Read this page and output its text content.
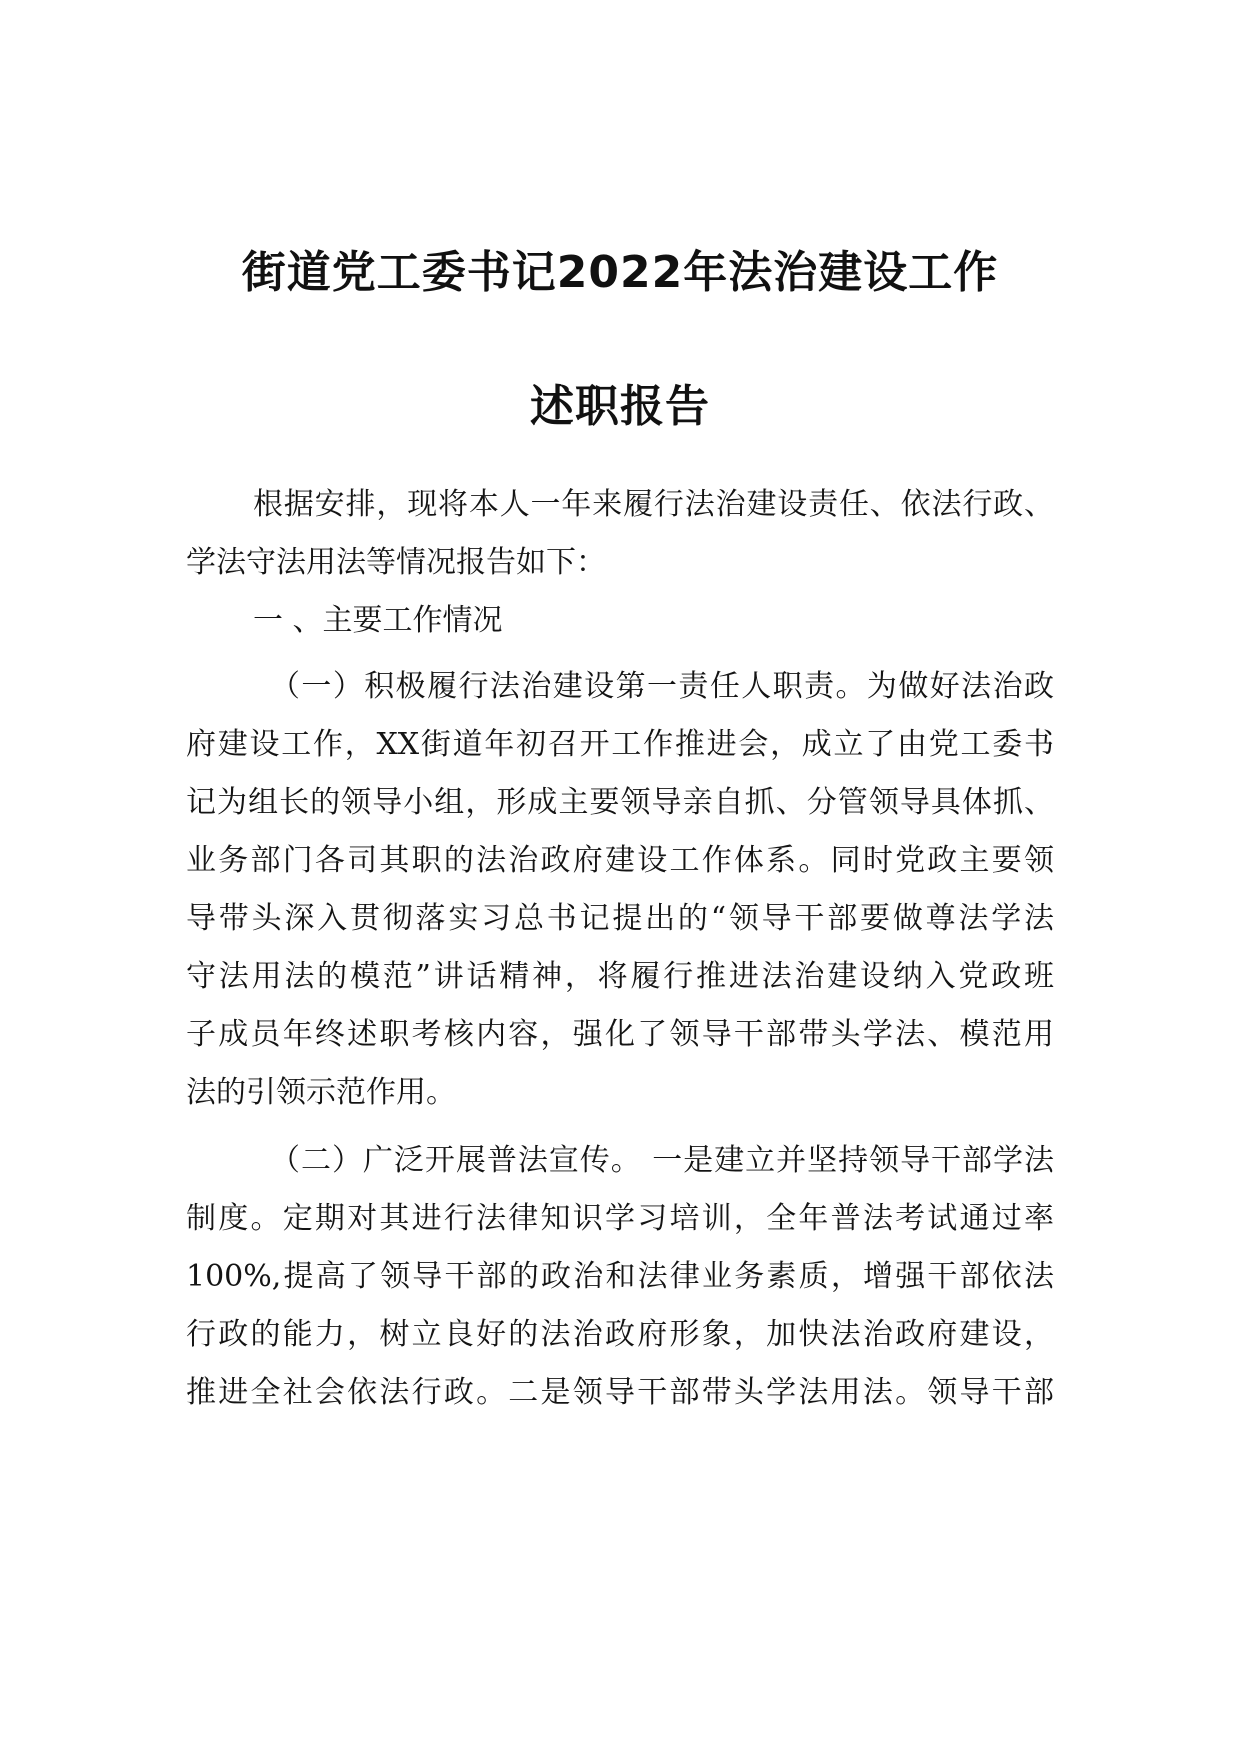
街道党工委书记2022年法治建设工作
述职报告
根据安排，现将本人一年来履行法治建设责任、依法行政、
学法守法用法等情况报告如下：
一 、主要工作情况
（一）积极履行法治建设第一责任人职责。为做好法治政
府建设工作，XX街道年初召开工作推进会，成立了由党工委书
记为组长的领导小组，形成主要领导亲自抓、分管领导具体抓、
业务部门各司其职的法治政府建设工作体系。同时党政主要领
导带头深入贯彻落实习总书记提出的“领导干部要做尊法学法
守法用法的模范”讲话精神，将履行推进法治建设纳入党政班
子成员年终述职考核内容，强化了领导干部带头学法、模范用
法的引领示范作用。
（二）广泛开展普法宣传。 一是建立并坚持领导干部学法
制度。定期对其进行法律知识学习培训，全年普法考试通过率
100%,提高了领导干部的政治和法律业务素质，增强干部依法
行政的能力，树立良好的法治政府形象，加快法治政府建设，
推进全社会依法行政。二是领导干部带头学法用法。领导干部
